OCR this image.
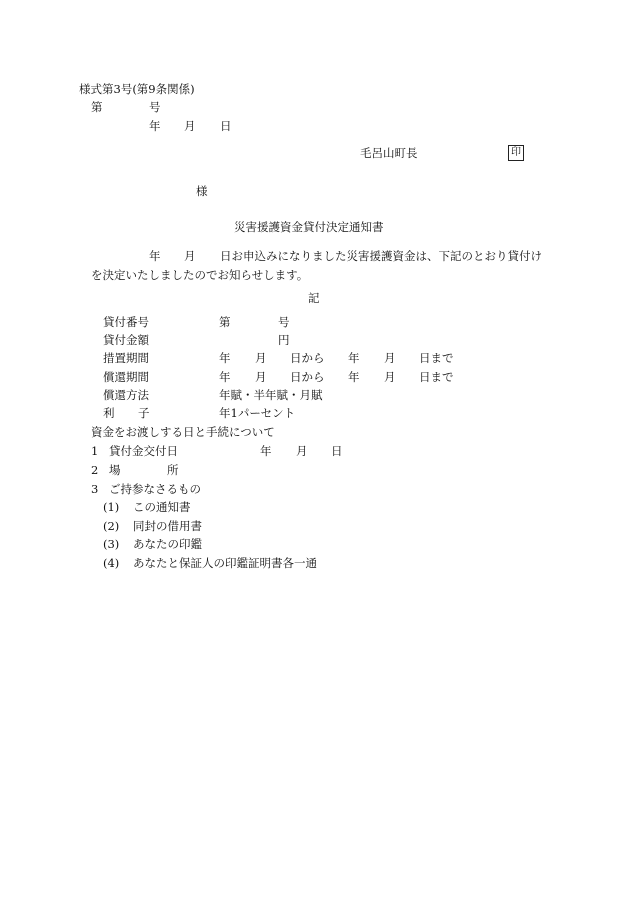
様式第3号(第9条関係)
第	号
年 月 日
毛呂山町長	印
様
災害援護資金貸付決定通知書
年 月 日お申込みになりました災害援護資金は、下記のとおり貸付け
を決定いたしましたのでお知らせします。
記
貸付番号	第	号
貸付金額	円
措置期間	年 月 日から 年 月 日まで
償還期間	年 月 日から 年 月 日まで
償還方法	年賦・半年賦・月賦
利 子	年1パーセント
資金をお渡しする日と手続について
1 貸付金交付日	年 月 日
2 場	所
3 ご持参なさるもの
(1) この通知書
(2) 同封の借用書
(3) あなたの印鑑
(4) あなたと保証人の印鑑証明書各一通
